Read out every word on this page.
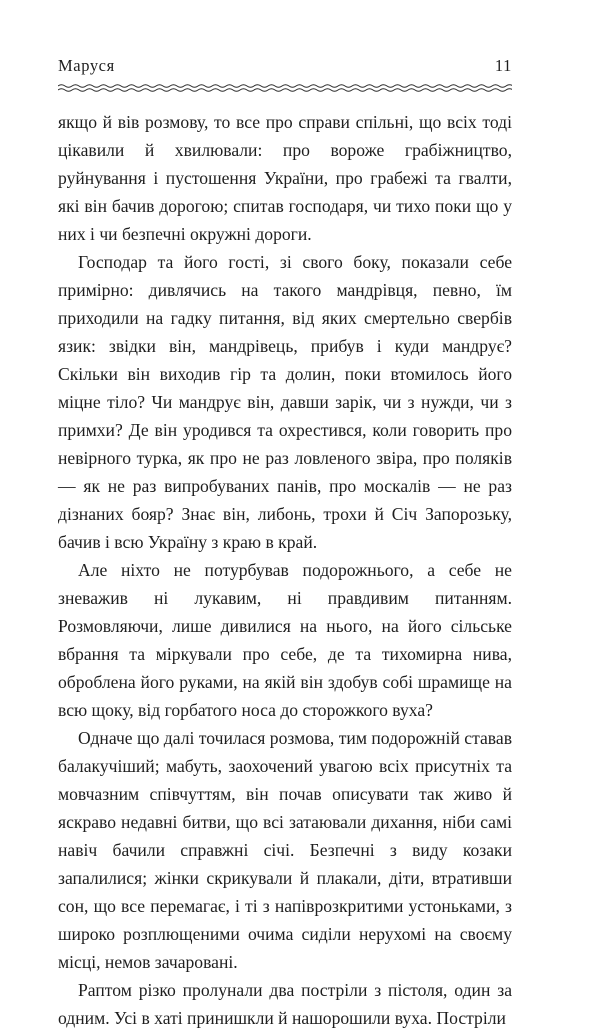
Маруся	11

якщо й вів розмову, то все про справи спільні, що всіх тоді цікавили й хвилювали: про вороже грабіжництво, руйнування і пустошення України, про грабежі та гвалти, які він бачив дорогою; спитав господаря, чи тихо поки що у них і чи безпечні окружні дороги.

Господар та його гості, зі свого боку, показали себе примірно: дивлячись на такого мандрівця, певно, їм приходили на гадку питання, від яких смертельно свербів язик: звідки він, мандрівець, прибув і куди мандрує? Скільки він виходив гір та долин, поки втомилось його міцне тіло? Чи мандрує він, давши зарік, чи з нужди, чи з примхи? Де він уродився та охрестився, коли говорить про невірного турка, як про не раз ловленого звіра, про поляків — як не раз випробуваних панів, про москалів — не раз дізнаних бояр? Знає він, либонь, трохи й Січ Запорозьку, бачив і всю Україну з краю в край.

Але ніхто не потурбував подорожнього, а себе не зневажив ні лукавим, ні правдивим питанням. Розмовляючи, лише дивилися на нього, на його сільське вбрання та міркували про себе, де та тихомирна нива, оброблена його руками, на якій він здобув собі шрамище на всю щоку, від горбатого носа до сторожкого вуха?

Одначе що далі точилася розмова, тим подорожній ставав балакучіший; мабуть, заохочений увагою всіх присутніх та мовчазним співчуттям, він почав описувати так живо й яскраво недавні битви, що всі затаювали дихання, ніби самі навіч бачили справжні січі. Безпечні з виду козаки запалилися; жінки скрикували й плакали, діти, втративши сон, що все перемагає, і ті з напіврозкритими устоньками, з широко розплющеними очима сиділи нерухомі на своєму місці, немов зачаровані.

Раптом різко пролунали два постріли з пістоля, один за одним. Усі в хаті принишкли й нашорошили вуха. Постріли
